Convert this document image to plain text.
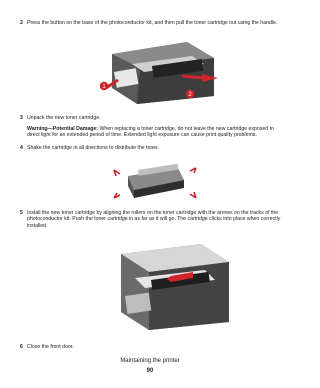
2 Press the button on the base of the photoconductor kit, and then pull the toner cartridge out using the handle.
1
2
3 Unpack the new toner cartridge.
Warning—Potential Damage: When replacing a toner cartridge, do not leave the new cartridge exposed to direct light for an extended period of time. Extended light exposure can cause print quality problems.
4 Shake the cartridge in all directions to distribute the toner.
5 Install the new toner cartridge by aligning the rollers on the toner cartridge with the arrows on the tracks of the photoconductor kit. Push the toner cartridge in as far as it will go. The cartridge clicks into place when correctly installed.
6 Close the front door.
Maintaining the printer
90
